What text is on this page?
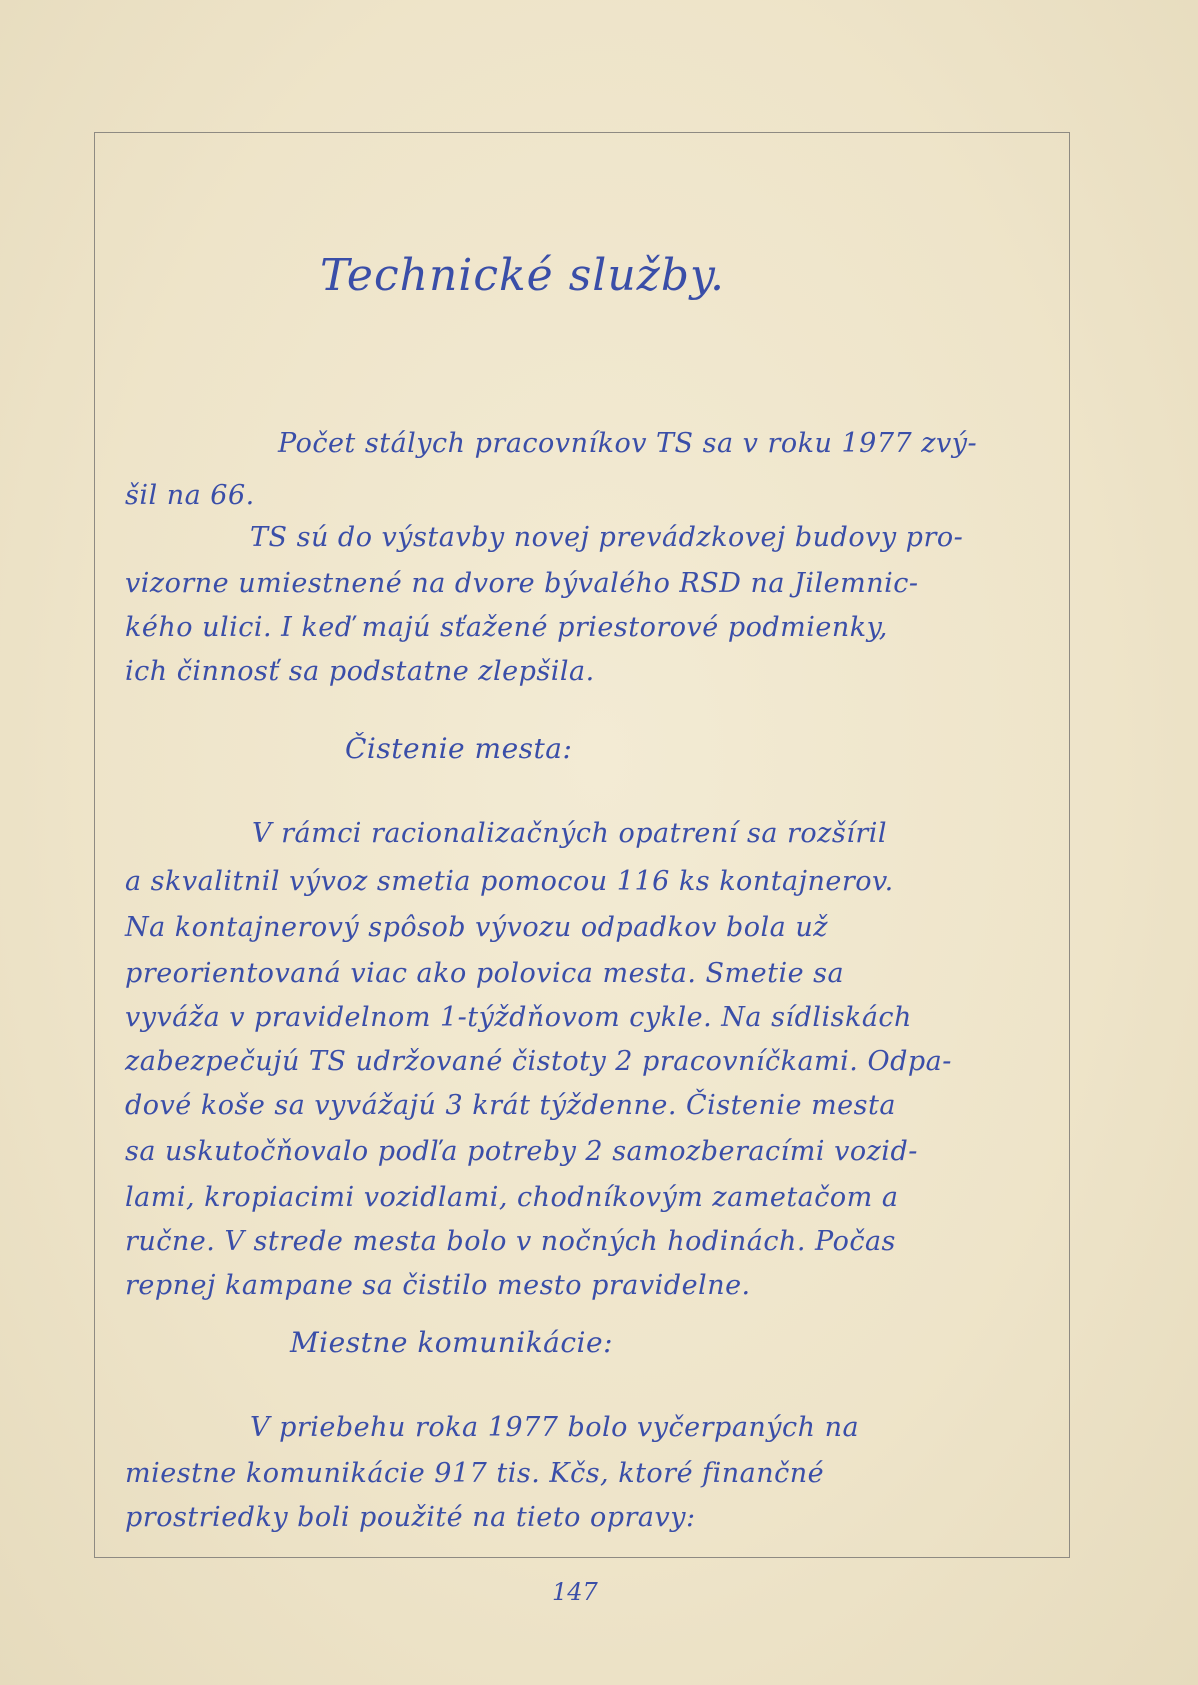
Technické služby.
Počet stálych pracovníkov TS sa v roku 1977 zvý-
šil na 66.
TS sú do výstavby novej prevádzkovej budovy pro-
vizorne umiestnené na dvore bývalého RSD na Jilemnic-
kého ulici. I keď majú sťažené priestorové podmienky,
ich činnosť sa podstatne zlepšila.
Čistenie mesta:
V rámci racionalizačných opatrení sa rozšíril
a skvalitnil vývoz smetia pomocou 116 ks kontajnerov.
Na kontajnerový spôsob vývozu odpadkov bola už
preorientovaná viac ako polovica mesta. Smetie sa
vyváža v pravidelnom 1-týždňovom cykle. Na sídliskách
zabezpečujú TS udržované čistoty 2 pracovníčkami. Odpa-
dové koše sa vyvážajú 3 krát týždenne. Čistenie mesta
sa uskutočňovalo podľa potreby 2 samozberacími vozid-
lami, kropiacimi vozidlami, chodníkovým zametačom a
ručne. V strede mesta bolo v nočných hodinách. Počas
repnej kampane sa čistilo mesto pravidelne.
Miestne komunikácie:
V priebehu roka 1977 bolo vyčerpaných na
miestne komunikácie 917 tis. Kčs, ktoré finančné
prostriedky boli použité na tieto opravy:
147
